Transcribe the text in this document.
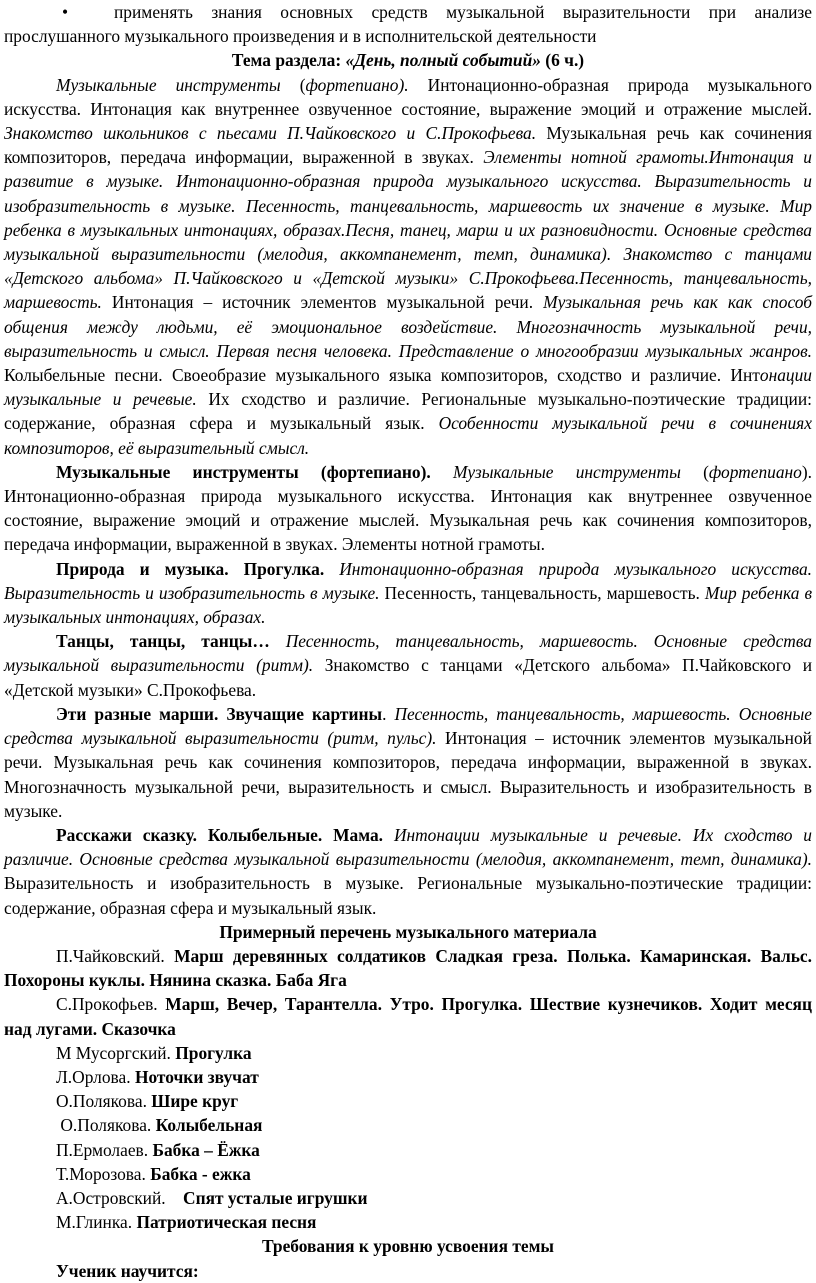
•	применять знания основных средств музыкальной выразительности при анализе прослушанного музыкального произведения и в исполнительской деятельности

Тема раздела: «День, полный событий» (6 ч.)

Музыкальные инструменты (фортепиано). Интонационно-образная природа музыкального искусства. Интонация как внутреннее озвученное состояние, выражение эмоций и отражение мыслей. Знакомство школьников с пьесами П.Чайковского и С.Прокофьева. Музыкальная речь как сочинения композиторов, передача информации, выраженной в звуках. Элементы нотной грамоты.Интонация и развитие в музыке. Интонационно-образная природа музыкального искусства. Выразительность и изобразительность в музыке. Песенность, танцевальность, маршевость их значение в музыке. Мир ребенка в музыкальных интонациях, образах.Песня, танец, марш и их разновидности. Основные средства музыкальной выразительности (мелодия, аккомпанемент, темп, динамика). Знакомство с танцами «Детского альбома» П.Чайковского и «Детской музыки» С.Прокофьева.Песенность, танцевальность, маршевость. Интонация – источник элементов музыкальной речи. Музыкальная речь как как способ общения между людьми, её эмоциональное воздействие. Многозначность музыкальной речи, выразительность и смысл. Первая песня человека. Представление о многообразии музыкальных жанров. Колыбельные песни. Своеобразие музыкального языка композиторов, сходство и различие. Интонации музыкальные и речевые. Их сходство и различие. Региональные музыкально-поэтические традиции: содержание, образная сфера и музыкальный язык. Особенности музыкальной речи в сочинениях композиторов, её выразительный смысл.

Музыкальные инструменты (фортепиано). Музыкальные инструменты (фортепиано). Интонационно-образная природа музыкального искусства. Интонация как внутреннее озвученное состояние, выражение эмоций и отражение мыслей. Музыкальная речь как сочинения композиторов, передача информации, выраженной в звуках. Элементы нотной грамоты.

Природа и музыка. Прогулка. Интонационно-образная природа музыкального искусства. Выразительность и изобразительность в музыке. Песенность, танцевальность, маршевость. Мир ребенка в музыкальных интонациях, образах.

Танцы, танцы, танцы… Песенность, танцевальность, маршевость. Основные средства музыкальной выразительности (ритм). Знакомство с танцами «Детского альбома» П.Чайковского и «Детской музыки» С.Прокофьева.

Эти разные марши. Звучащие картины. Песенность, танцевальность, маршевость. Основные средства музыкальной выразительности (ритм, пульс). Интонация – источник элементов музыкальной речи. Музыкальная речь как сочинения композиторов, передача информации, выраженной в звуках. Многозначность музыкальной речи, выразительность и смысл. Выразительность и изобразительность в музыке.

Расскажи сказку. Колыбельные. Мама. Интонации музыкальные и речевые. Их сходство и различие. Основные средства музыкальной выразительности (мелодия, аккомпанемент, темп, динамика). Выразительность и изобразительность в музыке. Региональные музыкально-поэтические традиции: содержание, образная сфера и музыкальный язык.

Примерный перечень музыкального материала

П.Чайковский. Марш деревянных солдатиков Сладкая греза. Полька. Камаринская. Вальс. Похороны куклы. Нянина сказка. Баба Яга

С.Прокофьев. Марш, Вечер, Тарантелла. Утро. Прогулка. Шествие кузнечиков. Ходит месяц над лугами. Сказочка

М Мусоргский. Прогулка

Л.Орлова. Ноточки звучат

О.Полякова. Шире круг

О.Полякова. Колыбельная

П.Ермолаев. Бабка – Ёжка

Т.Морозова. Бабка - ежка

А.Островский.    Спят усталые игрушки

М.Глинка. Патриотическая песня

Требования к уровню усвоения темы

Ученик научится:
